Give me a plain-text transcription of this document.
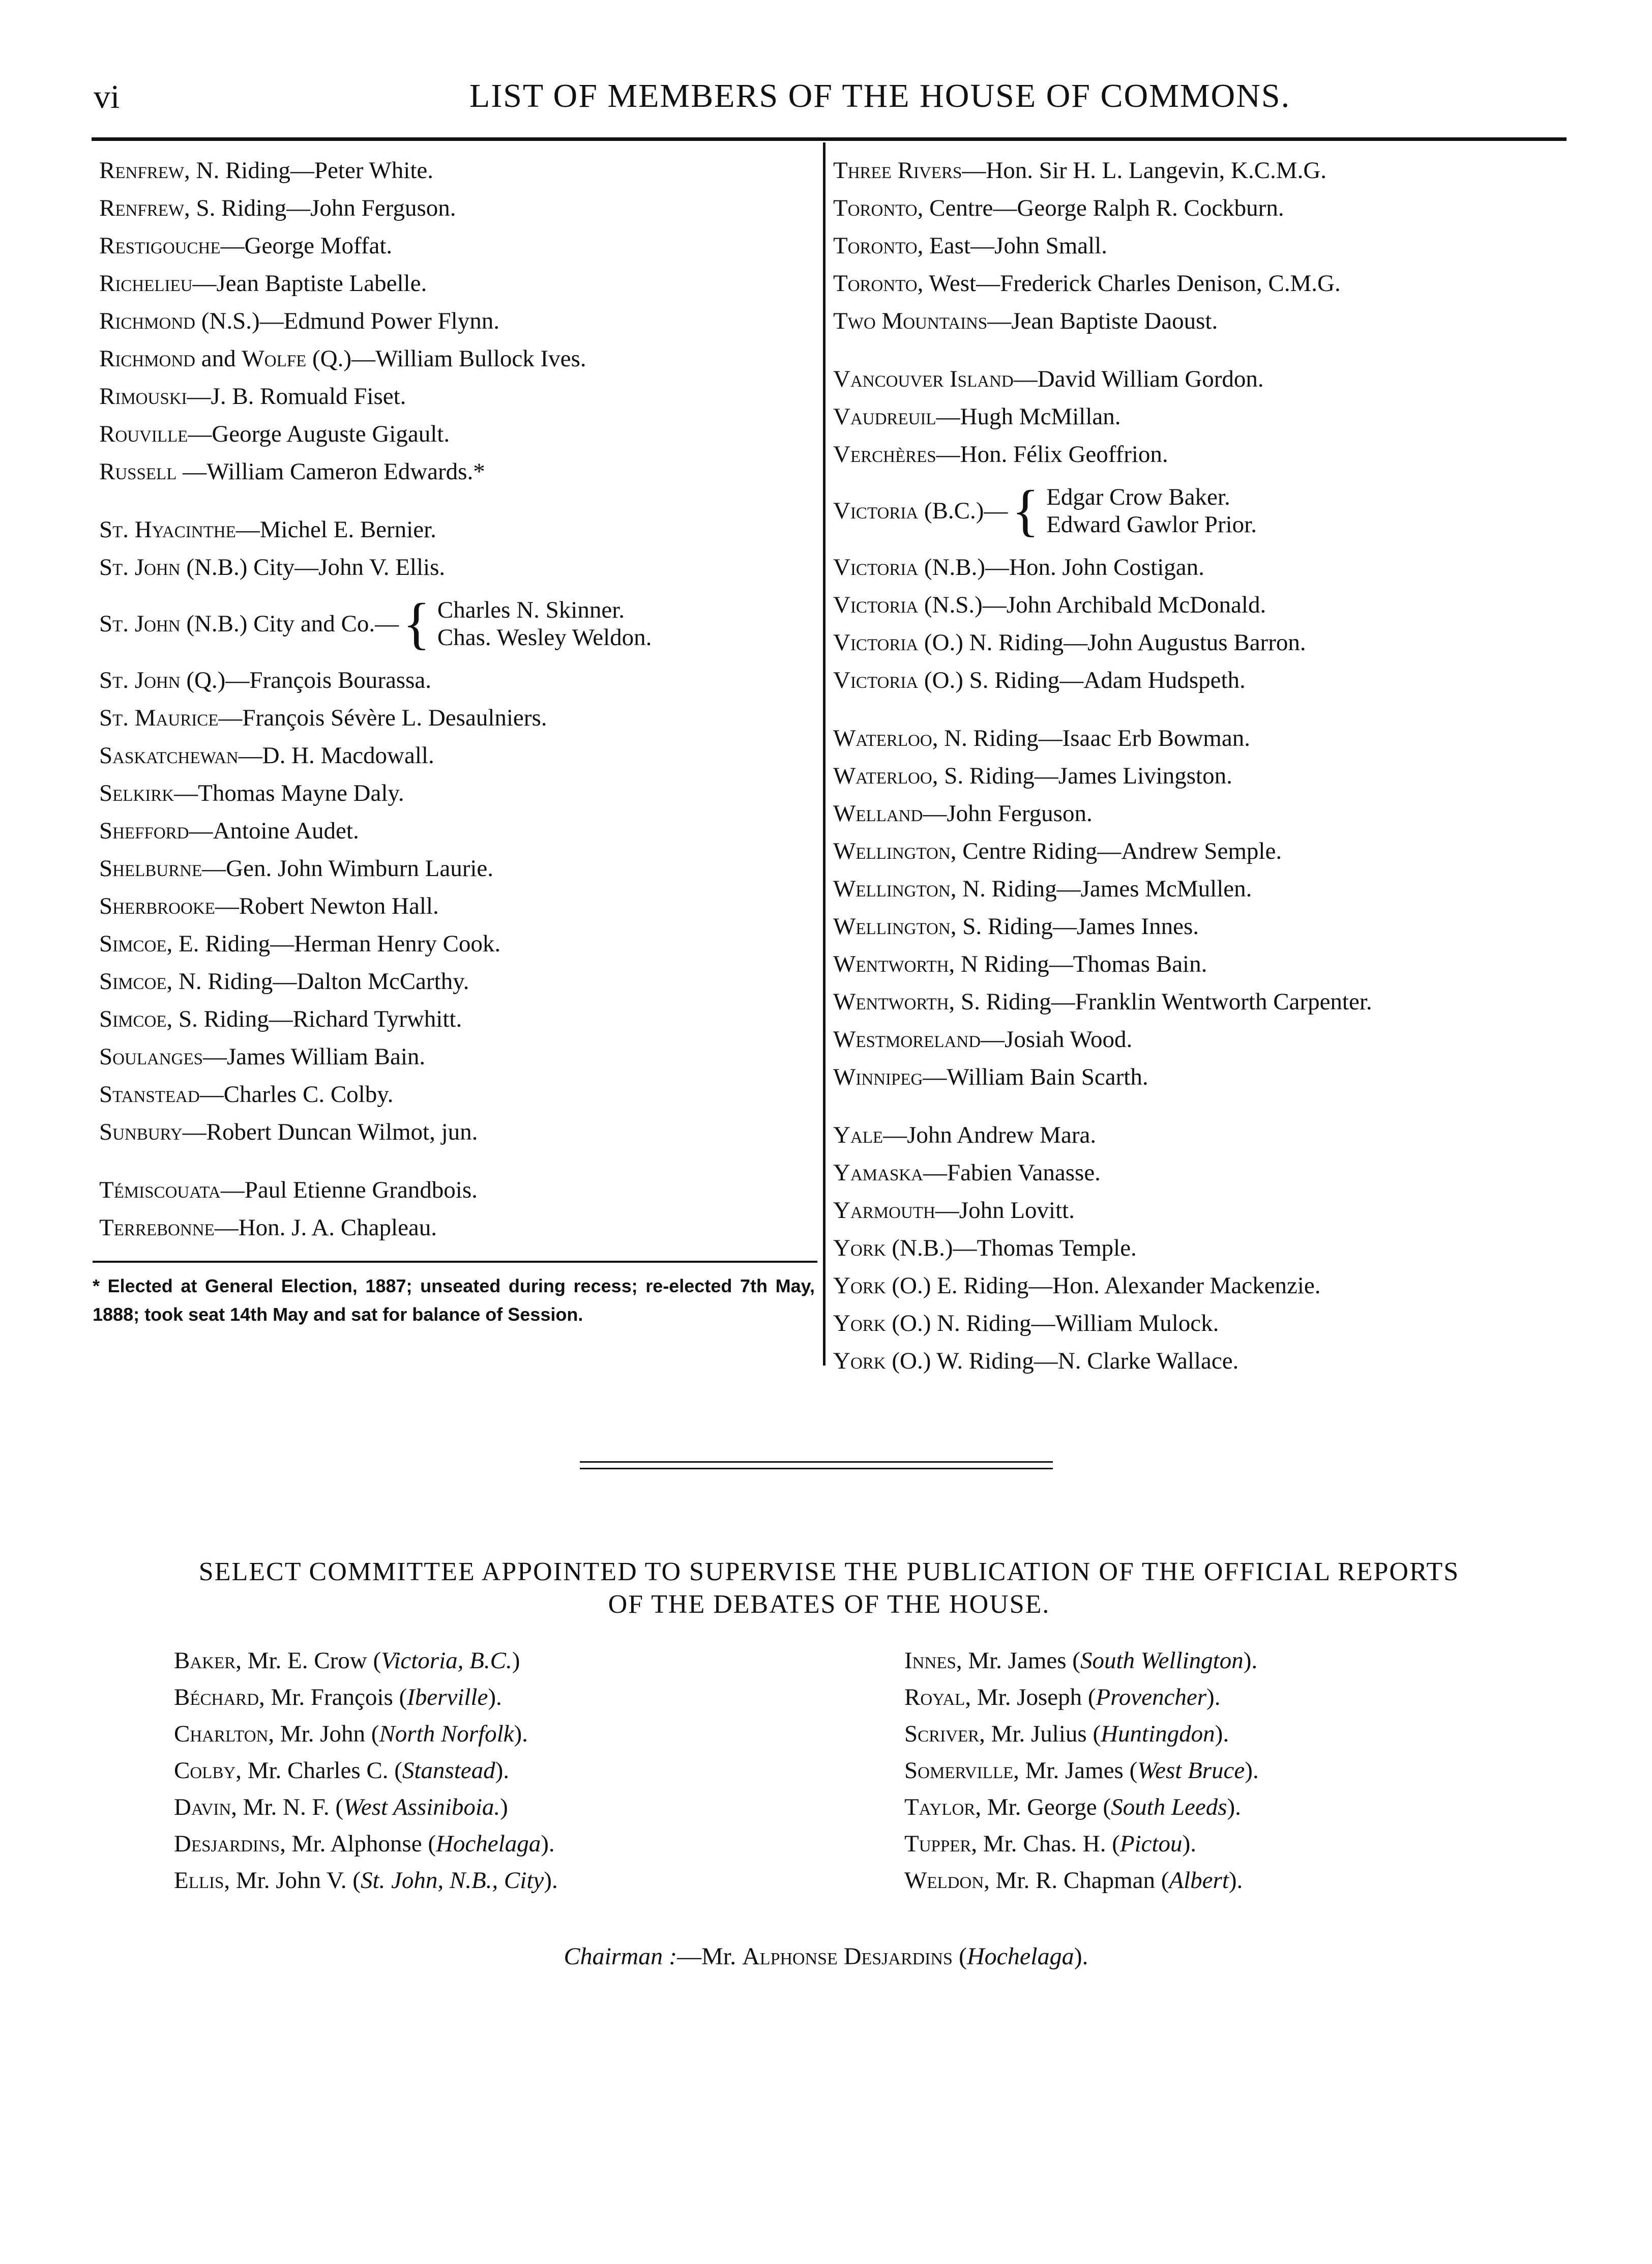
vi	LIST OF MEMBERS OF THE HOUSE OF COMMONS.
Renfrew, N. Riding—Peter White.
Renfrew, S. Riding—John Ferguson.
Restigouche—George Moffat.
Richelieu—Jean Baptiste Labelle.
Richmond (N.S.)—Edmund Power Flynn.
Richmond and Wolfe (Q.)—William Bullock Ives.
Rimouski—J. B. Romuald Fiset.
Rouville—George Auguste Gigault.
Russell —William Cameron Edwards.*
St. Hyacinthe—Michel E. Bernier.
St. John (N.B.) City—John V. Ellis.
St. John (N.B.) City and Co.— { Charles N. Skinner.
Chas. Wesley Weldon.
St. John (Q.)—François Bourassa.
St. Maurice—François Sévère L. Desaulniers.
Saskatchewan—D. H. Macdowall.
Selkirk—Thomas Mayne Daly.
Shefford—Antoine Audet.
Shelburne—Gen. John Wimburn Laurie.
Sherbrooke—Robert Newton Hall.
Simcoe, E. Riding—Herman Henry Cook.
Simcoe, N. Riding—Dalton McCarthy.
Simcoe, S. Riding—Richard Tyrwhitt.
Soulanges—James William Bain.
Stanstead—Charles C. Colby.
Sunbury—Robert Duncan Wilmot, jun.
Témiscouata—Paul Etienne Grandbois.
Terrebonne—Hon. J. A. Chapleau.
Three Rivers—Hon. Sir H. L. Langevin, K.C.M.G.
Toronto, Centre—George Ralph R. Cockburn.
Toronto, East—John Small.
Toronto, West—Frederick Charles Denison, C.M.G.
Two Mountains—Jean Baptiste Daoust.
Vancouver Island—David William Gordon.
Vaudreuil—Hugh McMillan.
Verchères—Hon. Félix Geoffrion.
Victoria (B.C.)— { Edgar Crow Baker.
Edward Gawlor Prior.
Victoria (N.B.)—Hon. John Costigan.
Victoria (N.S.)—John Archibald McDonald.
Victoria (O.) N. Riding—John Augustus Barron.
Victoria (O.) S. Riding—Adam Hudspeth.
Waterloo, N. Riding—Isaac Erb Bowman.
Waterloo, S. Riding—James Livingston.
Welland—John Ferguson.
Wellington, Centre Riding—Andrew Semple.
Wellington, N. Riding—James McMullen.
Wellington, S. Riding—James Innes.
Wentworth, N Riding—Thomas Bain.
Wentworth, S. Riding—Franklin Wentworth Carpenter.
Westmoreland—Josiah Wood.
Winnipeg—William Bain Scarth.
Yale—John Andrew Mara.
Yamaska—Fabien Vanasse.
Yarmouth—John Lovitt.
York (N.B.)—Thomas Temple.
York (O.) E. Riding—Hon. Alexander Mackenzie.
York (O.) N. Riding—William Mulock.
York (O.) W. Riding—N. Clarke Wallace.
* Elected at General Election, 1887; unseated during recess; re-elected 7th May, 1888; took seat 14th May and sat for balance of Session.
SELECT COMMITTEE APPOINTED TO SUPERVISE THE PUBLICATION OF THE OFFICIAL REPORTS
OF THE DEBATES OF THE HOUSE.
Baker, Mr. E. Crow (Victoria, B.C.)
Béchard, Mr. François (Iberville).
Charlton, Mr. John (North Norfolk).
Colby, Mr. Charles C. (Stanstead).
Davin, Mr. N. F. (West Assiniboia.)
Desjardins, Mr. Alphonse (Hochelaga).
Ellis, Mr. John V. (St. John, N.B., City).
Innes, Mr. James (South Wellington).
Royal, Mr. Joseph (Provencher).
Scriver, Mr. Julius (Huntingdon).
Somerville, Mr. James (West Bruce).
Taylor, Mr. George (South Leeds).
Tupper, Mr. Chas. H. (Pictou).
Weldon, Mr. R. Chapman (Albert).
Chairman :—Mr. Alphonse Desjardins (Hochelaga).
